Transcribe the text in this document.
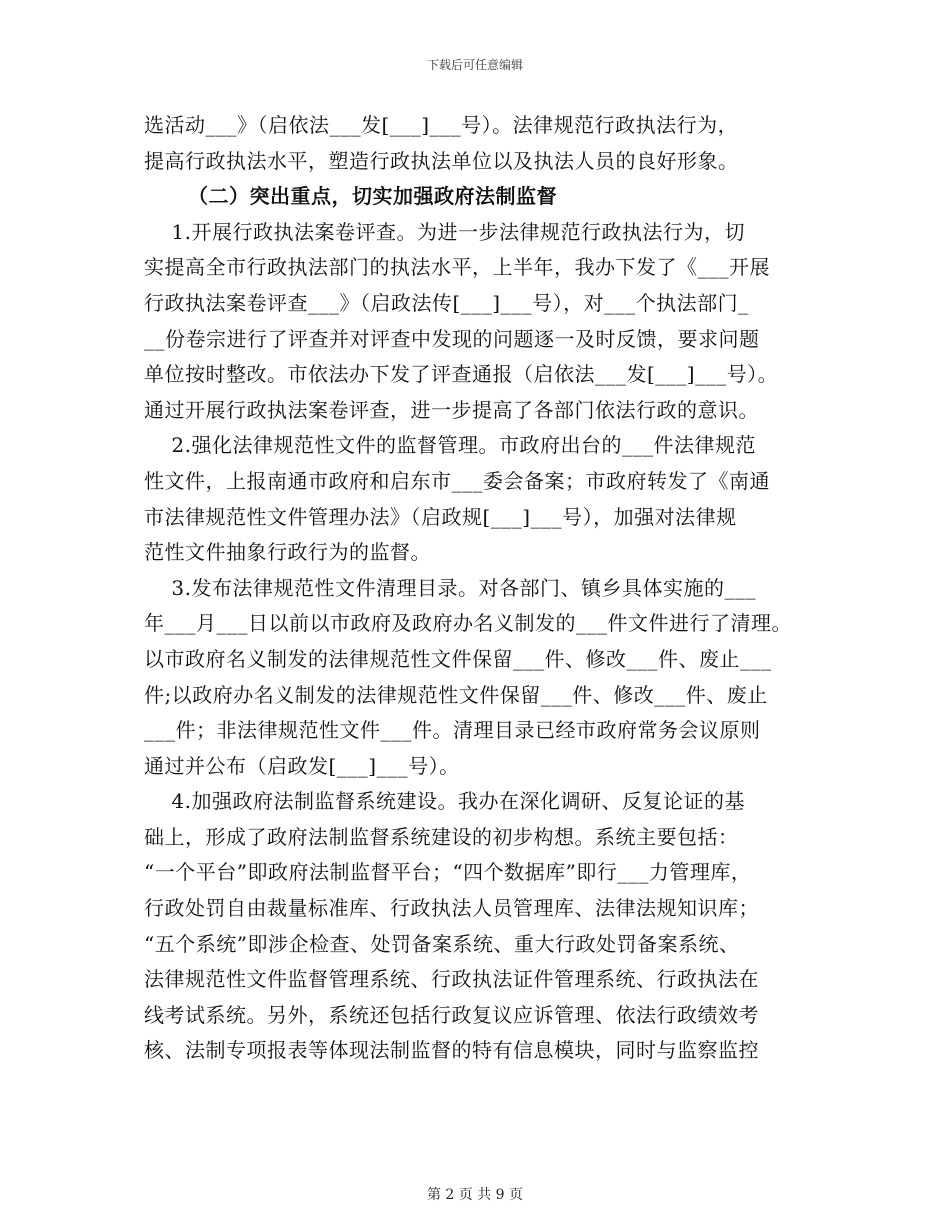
下载后可任意编辑

选活动___》（启依法___发[___]___号）。法律规范行政执法行为，

提高行政执法水平，塑造行政执法单位以及执法人员的良好形象。

（二）突出重点，切实加强政府法制监督

1.开展行政执法案卷评查。为进一步法律规范行政执法行为，切

实提高全市行政执法部门的执法水平，上半年，我办下发了《___开展

行政执法案卷评查___》（启政法传[___]___号），对___个执法部门_

__份卷宗进行了评查并对评查中发现的问题逐一及时反馈，要求问题

单位按时整改。市依法办下发了评查通报（启依法___发[___]___号）。

通过开展行政执法案卷评查，进一步提高了各部门依法行政的意识。

2.强化法律规范性文件的监督管理。市政府出台的___件法律规范

性文件，上报南通市政府和启东市___委会备案；市政府转发了《南通

市法律规范性文件管理办法》（启政规[___]___号），加强对法律规

范性文件抽象行政行为的监督。

3.发布法律规范性文件清理目录。对各部门、镇乡具体实施的___

年___月___日以前以市政府及政府办名义制发的___件文件进行了清理。

以市政府名义制发的法律规范性文件保留___件、修改___件、废止___

件;以政府办名义制发的法律规范性文件保留___件、修改___件、废止

___件；非法律规范性文件___件。清理目录已经市政府常务会议原则

通过并公布（启政发[___]___号）。

4.加强政府法制监督系统建设。我办在深化调研、反复论证的基

础上，形成了政府法制监督系统建设的初步构想。系统主要包括：

“一个平台”即政府法制监督平台；“四个数据库”即行___力管理库，

行政处罚自由裁量标准库、行政执法人员管理库、法律法规知识库；

“五个系统”即涉企检查、处罚备案系统、重大行政处罚备案系统、

法律规范性文件监督管理系统、行政执法证件管理系统、行政执法在

线考试系统。另外，系统还包括行政复议应诉管理、依法行政绩效考

核、法制专项报表等体现法制监督的特有信息模块，同时与监察监控

第 2 页 共 9 页
